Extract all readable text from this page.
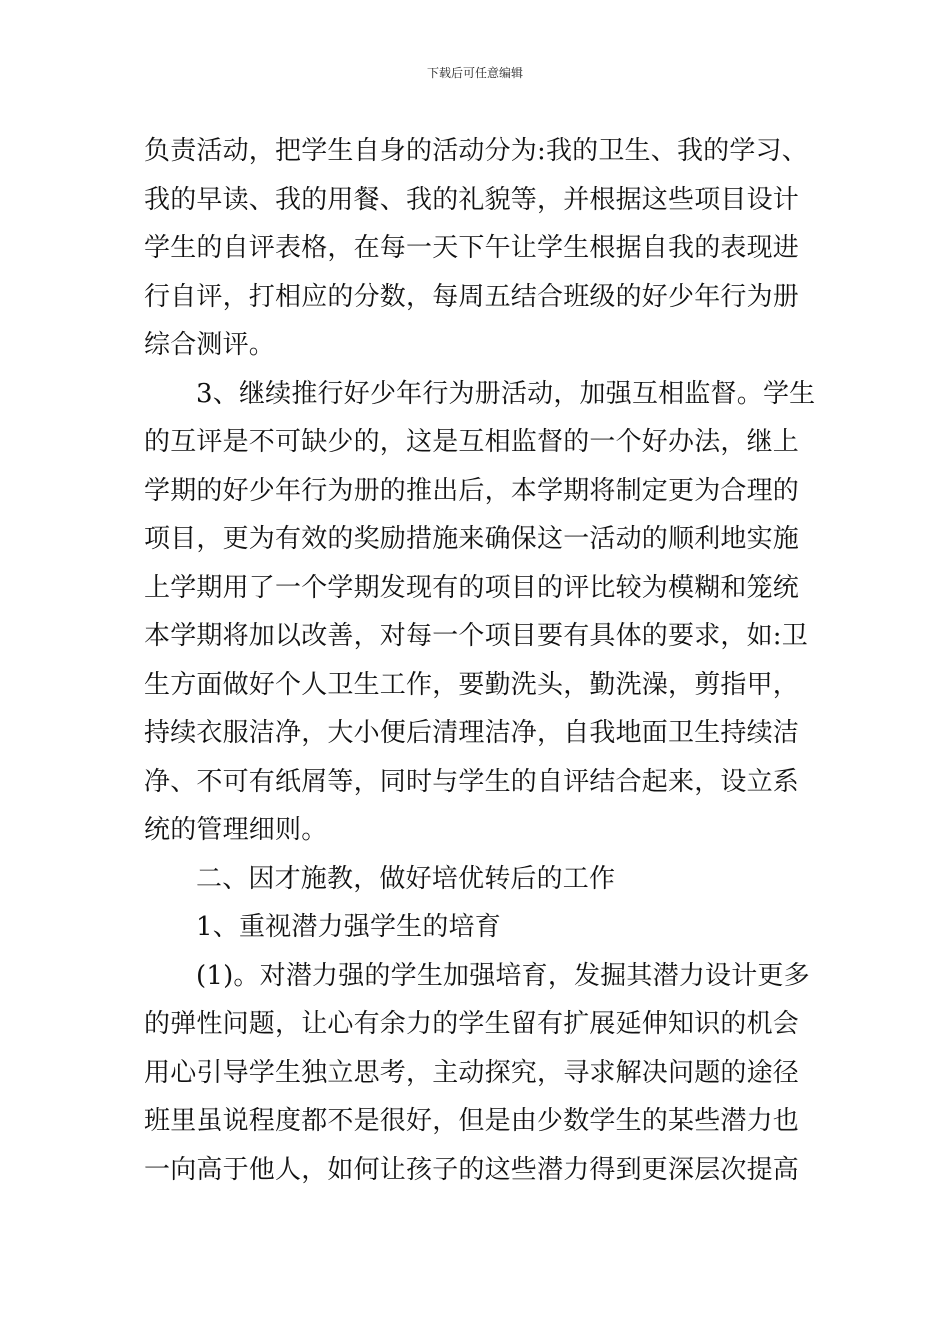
下载后可任意编辑
负责活动，把学生自身的活动分为:我的卫生、我的学习、
我的早读、我的用餐、我的礼貌等，并根据这些项目设计
学生的自评表格，在每一天下午让学生根据自我的表现进
行自评，打相应的分数，每周五结合班级的好少年行为册
综合测评。
3、继续推行好少年行为册活动，加强互相监督。学生
的互评是不可缺少的，这是互相监督的一个好办法，继上
学期的好少年行为册的推出后，本学期将制定更为合理的
项目，更为有效的奖励措施来确保这一活动的顺利地实施
上学期用了一个学期发现有的项目的评比较为模糊和笼统
本学期将加以改善，对每一个项目要有具体的要求，如:卫
生方面做好个人卫生工作，要勤洗头，勤洗澡，剪指甲，
持续衣服洁净，大小便后清理洁净，自我地面卫生持续洁
净、不可有纸屑等，同时与学生的自评结合起来，设立系
统的管理细则。
二、因才施教，做好培优转后的工作
1、重视潜力强学生的培育
(1)。对潜力强的学生加强培育，发掘其潜力设计更多
的弹性问题，让心有余力的学生留有扩展延伸知识的机会
用心引导学生独立思考，主动探究，寻求解决问题的途径
班里虽说程度都不是很好，但是由少数学生的某些潜力也
一向高于他人，如何让孩子的这些潜力得到更深层次提高
